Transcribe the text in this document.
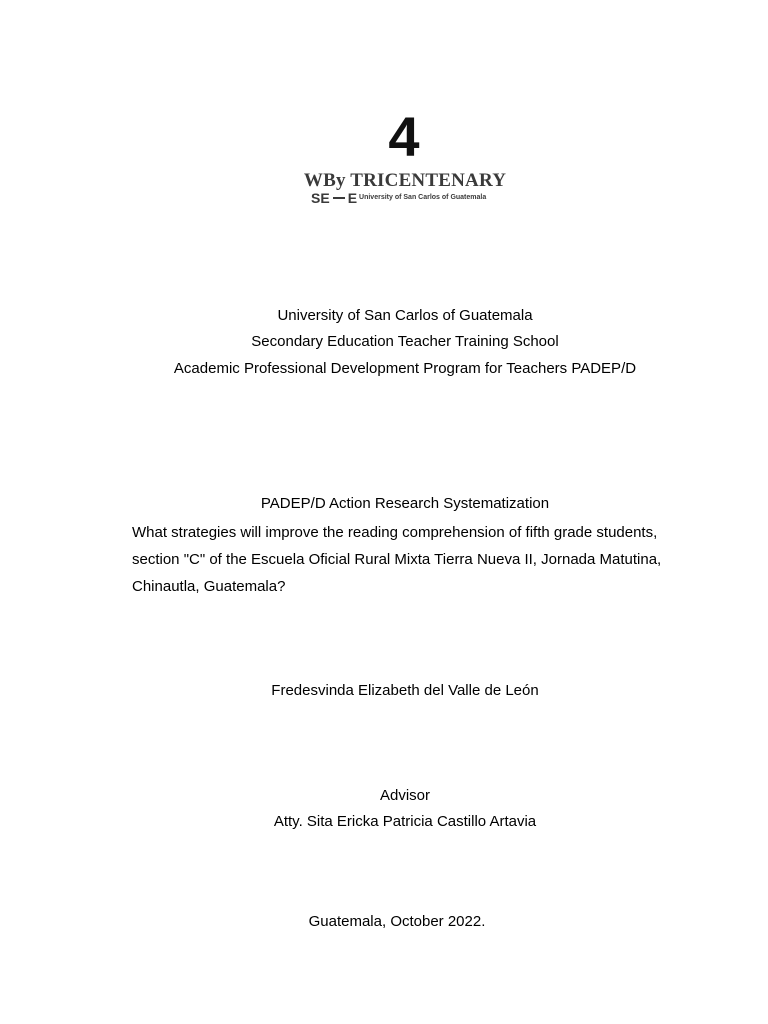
4
WBy TRICENTENARY
SE E University of San Carlos of Guatemala
University of San Carlos of Guatemala
Secondary Education Teacher Training School
Academic Professional Development Program for Teachers PADEP/D
PADEP/D Action Research Systematization
What strategies will improve the reading comprehension of fifth grade students, section "C" of the Escuela Oficial Rural Mixta Tierra Nueva II, Jornada Matutina, Chinautla, Guatemala?
Fredesvinda Elizabeth del Valle de León
Advisor
Atty. Sita Ericka Patricia Castillo Artavia
Guatemala, October 2022.
